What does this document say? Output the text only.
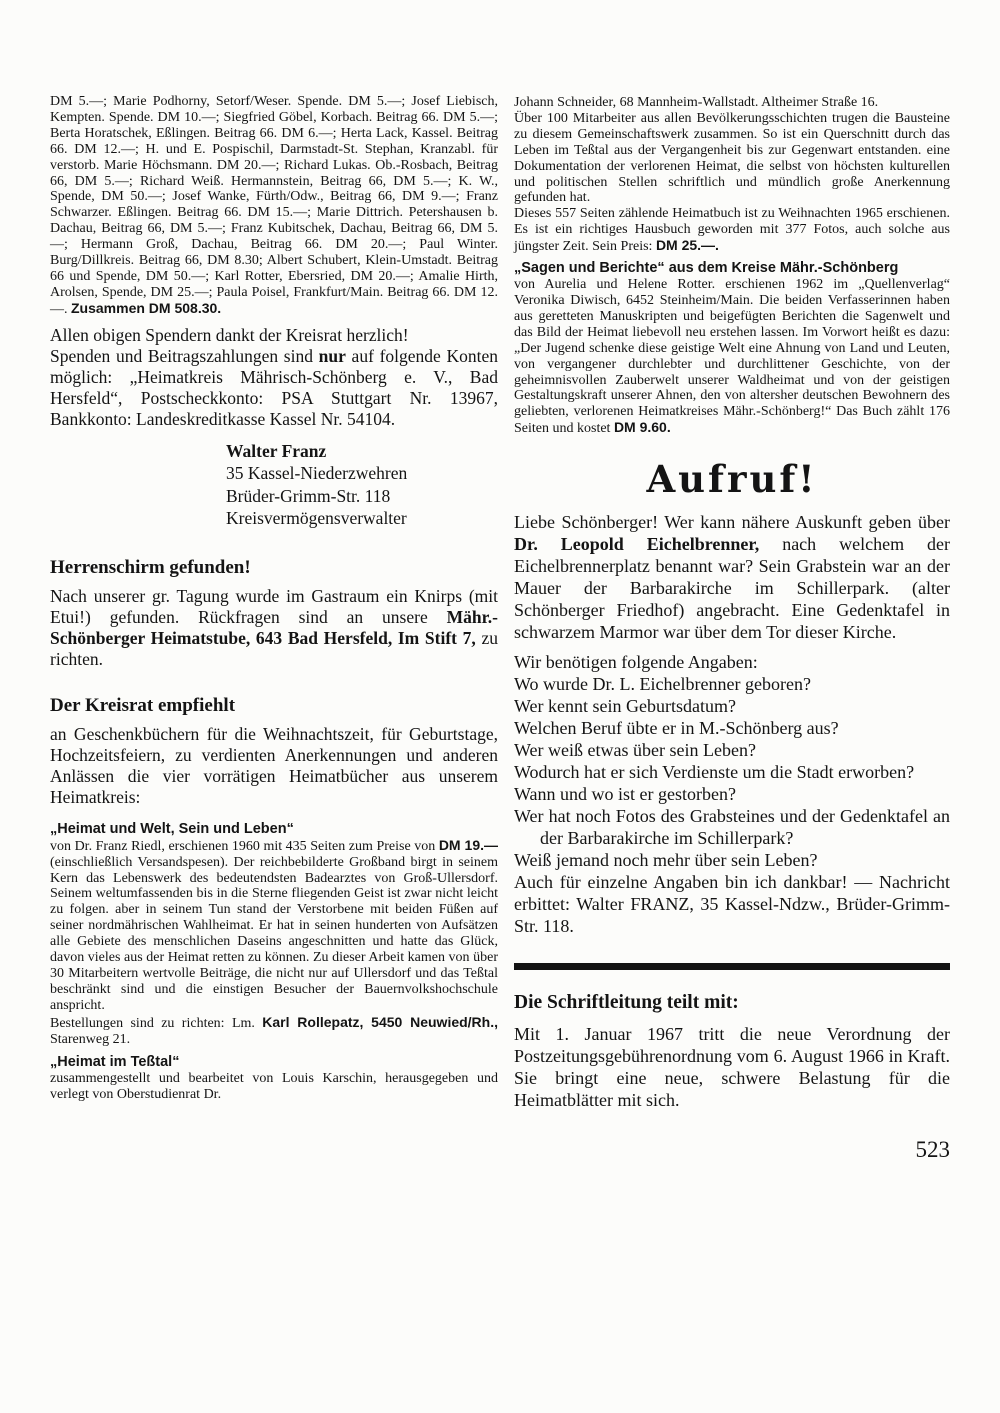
DM 5.—; Marie Podhorny, Setorf/Weser. Spende. DM 5.—; Josef Liebisch, Kempten. Spende. DM 10.—; Siegfried Göbel, Korbach. Beitrag 66. DM 5.—; Berta Horatschek, Eßlingen. Beitrag 66. DM 6.—; Herta Lack, Kassel. Beitrag 66. DM 12.—; H. und E. Pospischil, Darmstadt-St. Stephan, Kranzabl. für verstorb. Marie Höchsmann. DM 20.—; Richard Lukas. Ob.-Rosbach, Beitrag 66, DM 5.—; Richard Weiß. Hermannstein, Beitrag 66, DM 5.—; K. W., Spende, DM 50.—; Josef Wanke, Fürth/Odw., Beitrag 66, DM 9.—; Franz Schwarzer. Eßlingen. Beitrag 66. DM 15.—; Marie Dittrich. Petershausen b. Dachau, Beitrag 66, DM 5.—; Franz Kubitschek, Dachau, Beitrag 66, DM 5.—; Hermann Groß, Dachau, Beitrag 66. DM 20.—; Paul Winter. Burg/Dillkreis. Beitrag 66, DM 8.30; Albert Schubert, Klein-Umstadt. Beitrag 66 und Spende, DM 50.—; Karl Rotter, Ebersried, DM 20.—; Amalie Hirth, Arolsen, Spende, DM 25.—; Paula Poisel, Frankfurt/Main. Beitrag 66. DM 12.—. Zusammen DM 508.30.

Allen obigen Spendern dankt der Kreisrat herzlich!

Spenden und Beitragszahlungen sind nur auf folgende Konten möglich: „Heimatkreis Mährisch-Schönberg e. V., Bad Hersfeld“, Postscheckkonto: PSA Stuttgart Nr. 13967, Bankkonto: Landeskreditkasse Kassel Nr. 54104.

Walter Franz
35 Kassel-Niederzwehren
Brüder-Grimm-Str. 118
Kreisvermögensverwalter
Herrenschirm gefunden!

Nach unserer gr. Tagung wurde im Gastraum ein Knirps (mit Etui!) gefunden. Rückfragen sind an unsere Mähr.-Schönberger Heimatstube, 643 Bad Hersfeld, Im Stift 7, zu richten.

Der Kreisrat empfiehlt

an Geschenkbüchern für die Weihnachtszeit, für Geburtstage, Hochzeitsfeiern, zu verdienten Anerkennungen und anderen Anlässen die vier vorrätigen Heimatbücher aus unserem Heimatkreis:

„Heimat und Welt, Sein und Leben“

von Dr. Franz Riedl, erschienen 1960 mit 435 Seiten zum Preise von DM 19.— (einschließlich Versandspesen). Der reichbebilderte Großband birgt in seinem Kern das Lebenswerk des bedeutendsten Badearztes von Groß-Ullersdorf. Seinem weltumfassenden bis in die Sterne fliegenden Geist ist zwar nicht leicht zu folgen. aber in seinem Tun stand der Verstorbene mit beiden Füßen auf seiner nordmährischen Wahlheimat. Er hat in seinen hunderten von Aufsätzen alle Gebiete des menschlichen Daseins angeschnitten und hatte das Glück, davon vieles aus der Heimat retten zu können. Zu dieser Arbeit kamen von über 30 Mitarbeitern wertvolle Beiträge, die nicht nur auf Ullersdorf und das Teßtal beschränkt sind und die einstigen Besucher der Bauernvolkshochschule anspricht.

Bestellungen sind zu richten: Lm. Karl Rollepatz, 5450 Neuwied/Rh., Starenweg 21.

„Heimat im Teßtal“

zusammengestellt und bearbeitet von Louis Karschin, herausgegeben und verlegt von Oberstudienrat Dr.

Johann Schneider, 68 Mannheim-Wallstadt. Altheimer Straße 16.

Über 100 Mitarbeiter aus allen Bevölkerungsschichten trugen die Bausteine zu diesem Gemeinschaftswerk zusammen. So ist ein Querschnitt durch das Leben im Teßtal aus der Vergangenheit bis zur Gegenwart entstanden. eine Dokumentation der verlorenen Heimat, die selbst von höchsten kulturellen und politischen Stellen schriftlich und mündlich große Anerkennung gefunden hat.

Dieses 557 Seiten zählende Heimatbuch ist zu Weihnachten 1965 erschienen. Es ist ein richtiges Hausbuch geworden mit 377 Fotos, auch solche aus jüngster Zeit. Sein Preis: DM 25.—.

„Sagen und Berichte“ aus dem Kreise Mähr.-Schönberg

von Aurelia und Helene Rotter. erschienen 1962 im „Quellenverlag“ Veronika Diwisch, 6452 Steinheim/Main. Die beiden Verfasserinnen haben aus geretteten Manuskripten und beigefügten Berichten die Sagenwelt und das Bild der Heimat liebevoll neu erstehen lassen. Im Vorwort heißt es dazu: „Der Jugend schenke diese geistige Welt eine Ahnung von Land und Leuten, von vergangener durchlebter und durchlittener Geschichte, von der geheimnisvollen Zauberwelt unserer Waldheimat und von der geistigen Gestaltungskraft unserer Ahnen, den von altersher deutschen Bewohnern des geliebten, verlorenen Heimatkreises Mähr.-Schönberg!“ Das Buch zählt 176 Seiten und kostet DM 9.60.

Aufruf!

Liebe Schönberger! Wer kann nähere Auskunft geben über Dr. Leopold Eichelbrenner, nach welchem der Eichelbrennerplatz benannt war? Sein Grabstein war an der Mauer der Barbarakirche im Schillerpark. (alter Schönberger Friedhof) angebracht. Eine Gedenktafel in schwarzem Marmor war über dem Tor dieser Kirche.

Wir benötigen folgende Angaben:

Wo wurde Dr. L. Eichelbrenner geboren?
Wer kennt sein Geburtsdatum?
Welchen Beruf übte er in M.-Schönberg aus?
Wer weiß etwas über sein Leben?
Wodurch hat er sich Verdienste um die Stadt erworben?
Wann und wo ist er gestorben?
Wer hat noch Fotos des Grabsteines und der Gedenktafel an der Barbarakirche im Schillerpark?
Weiß jemand noch mehr über sein Leben?

Auch für einzelne Angaben bin ich dankbar! — Nachricht erbittet: Walter FRANZ, 35 Kassel-Ndzw., Brüder-Grimm-Str. 118.

Die Schriftleitung teilt mit:

Mit 1. Januar 1967 tritt die neue Verordnung der Postzeitungsgebührenordnung vom 6. August 1966 in Kraft. Sie bringt eine neue, schwere Belastung für die Heimatblätter mit sich.

523
